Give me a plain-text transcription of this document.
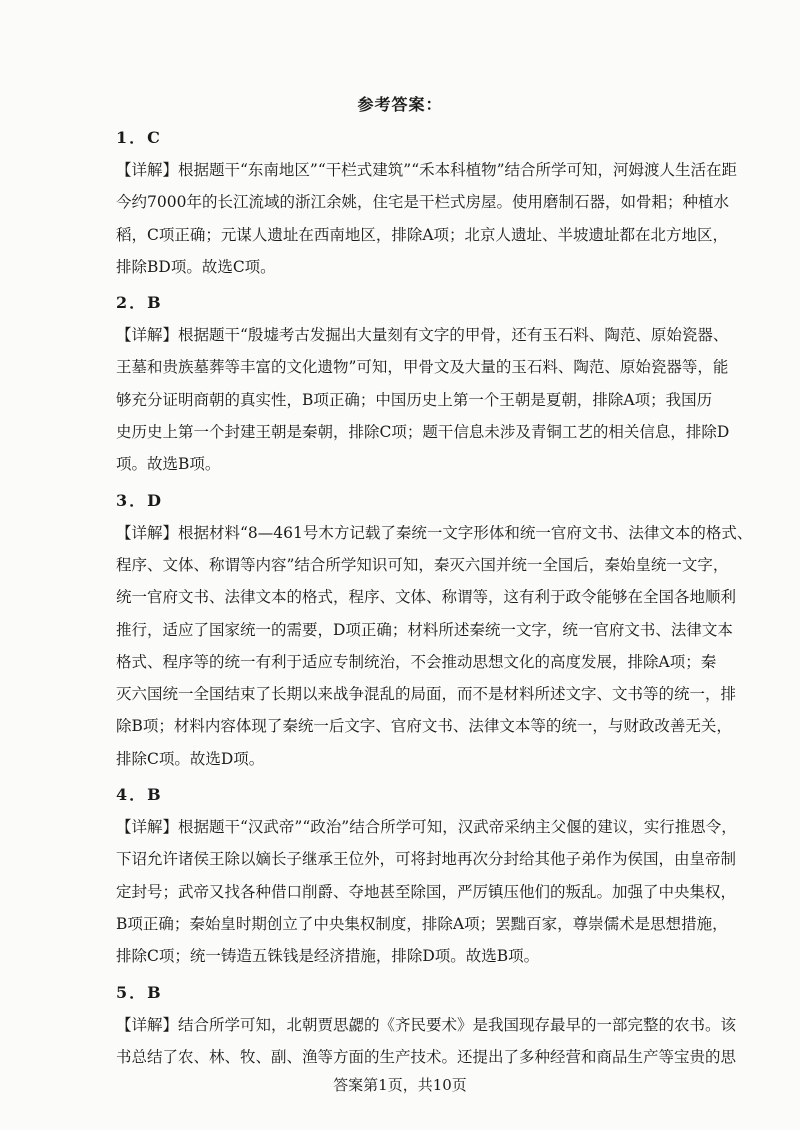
参考答案：
1．C
【详解】根据题干“东南地区”“干栏式建筑”“禾本科植物”结合所学可知，河姆渡人生活在距
今约7000年的长江流域的浙江余姚，住宅是干栏式房屋。使用磨制石器，如骨耜；种植水
稻，C项正确；元谋人遗址在西南地区，排除A项；北京人遗址、半坡遗址都在北方地区，
排除BD项。故选C项。
2．B
【详解】根据题干“殷墟考古发掘出大量刻有文字的甲骨，还有玉石料、陶范、原始瓷器、
王墓和贵族墓葬等丰富的文化遗物”可知，甲骨文及大量的玉石料、陶范、原始瓷器等，能
够充分证明商朝的真实性，B项正确；中国历史上第一个王朝是夏朝，排除A项；我国历
史历史上第一个封建王朝是秦朝，排除C项；题干信息未涉及青铜工艺的相关信息，排除D
项。故选B项。
3．D
【详解】根据材料“8—461号木方记载了秦统一文字形体和统一官府文书、法律文本的格式、
程序、文体、称谓等内容”结合所学知识可知，秦灭六国并统一全国后，秦始皇统一文字，
统一官府文书、法律文本的格式，程序、文体、称谓等，这有利于政令能够在全国各地顺利
推行，适应了国家统一的需要，D项正确；材料所述秦统一文字，统一官府文书、法律文本
格式、程序等的统一有利于适应专制统治，不会推动思想文化的高度发展，排除A项；秦
灭六国统一全国结束了长期以来战争混乱的局面，而不是材料所述文字、文书等的统一，排
除B项；材料内容体现了秦统一后文字、官府文书、法律文本等的统一，与财政改善无关，
排除C项。故选D项。
4．B
【详解】根据题干“汉武帝”“政治”结合所学可知，汉武帝采纳主父偃的建议，实行推恩令，
下诏允许诸侯王除以嫡长子继承王位外，可将封地再次分封给其他子弟作为侯国，由皇帝制
定封号；武帝又找各种借口削爵、夺地甚至除国，严厉镇压他们的叛乱。加强了中央集权，
B项正确；秦始皇时期创立了中央集权制度，排除A项；罢黜百家，尊崇儒术是思想措施，
排除C项；统一铸造五铢钱是经济措施，排除D项。故选B项。
5．B
【详解】结合所学可知，北朝贾思勰的《齐民要术》是我国现存最早的一部完整的农书。该
书总结了农、林、牧、副、渔等方面的生产技术。还提出了多种经营和商品生产等宝贵的思
答案第1页，共10页
